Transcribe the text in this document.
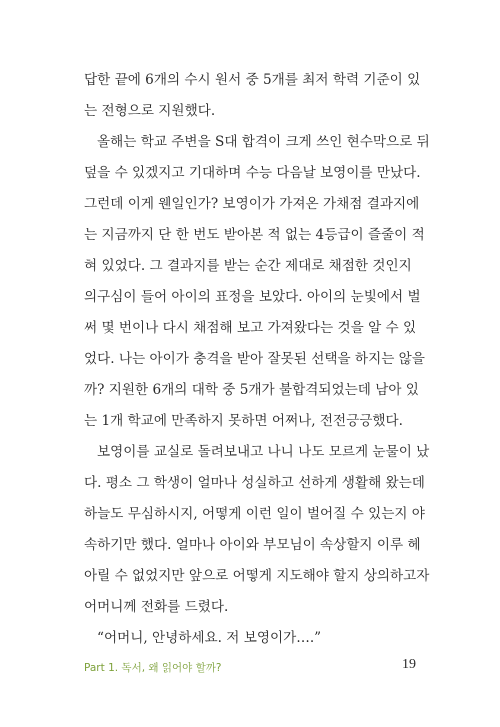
답한 끝에 6개의 수시 원서 중 5개를 최저 학력 기준이 있
는 전형으로 지원했다.
올해는 학교 주변을 S대 합격이 크게 쓰인 현수막으로 뒤
덮을 수 있겠지고 기대하며 수능 다음날 보영이를 만났다.
그런데 이게 웬일인가? 보영이가 가져온 가채점 결과지에
는 지금까지 단 한 번도 받아본 적 없는 4등급이 즐줄이 적
혀 있었다. 그 결과지를 받는 순간 제대로 채점한 것인지
의구심이 들어 아이의 표정을 보았다. 아이의 눈빛에서 벌
써 몇 번이나 다시 채점해 보고 가져왔다는 것을 알 수 있
었다. 나는 아이가 충격을 받아 잘못된 선택을 하지는 않을
까? 지원한 6개의 대학 중 5개가 불합격되었는데 남아 있
는 1개 학교에 만족하지 못하면 어쩌나, 전전긍긍했다.
보영이를 교실로 돌려보내고 나니 나도 모르게 눈물이 났
다. 평소 그 학생이 얼마나 성실하고 선하게 생활해 왔는데
하늘도 무심하시지, 어떻게 이런 일이 벌어질 수 있는지 야
속하기만 했다. 얼마나 아이와 부모님이 속상할지 이루 헤
아릴 수 없었지만 앞으로 어떻게 지도해야 할지 상의하고자
어머니께 전화를 드렸다.
“어머니, 안녕하세요. 저 보영이가….”
Part 1. 독서, 왜 읽어야 할까?	19
